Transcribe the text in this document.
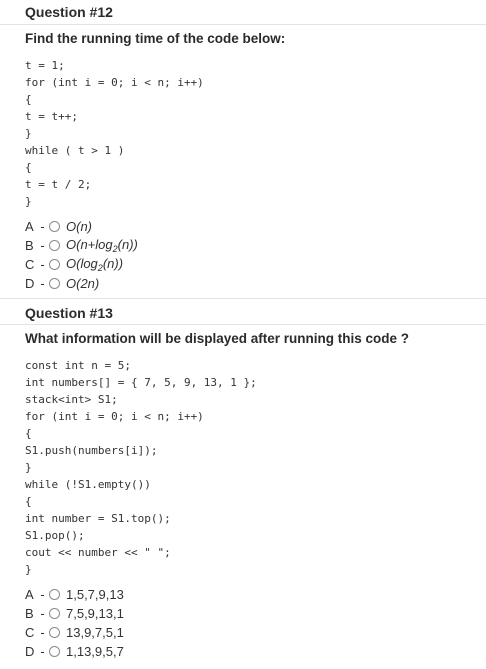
Question #12
Find the running time of the code below:
t = 1;
for (int i = 0; i < n; i++)
{
t = t++;
}
while ( t > 1 )
{
t = t / 2;
}
A -	O(n)
B -	$O(n+\log_2(n))$
C -	$O(\log_2(n))$
D -	O(2n)
Question #13
What information will be displayed after running this code ?
const int n = 5;
int numbers[] = { 7, 5, 9, 13, 1 };
stack<int> S1;
for (int i = 0; i < n; i++)
{
S1.push(numbers[i]);
}
while (!S1.empty())
{
int number = S1.top();
S1.pop();
cout << number << " ";
}
A -	1,5,7,9,13
B -	7,5,9,13,1
C -	13,9,7,5,1
D -	1,13,9,5,7
